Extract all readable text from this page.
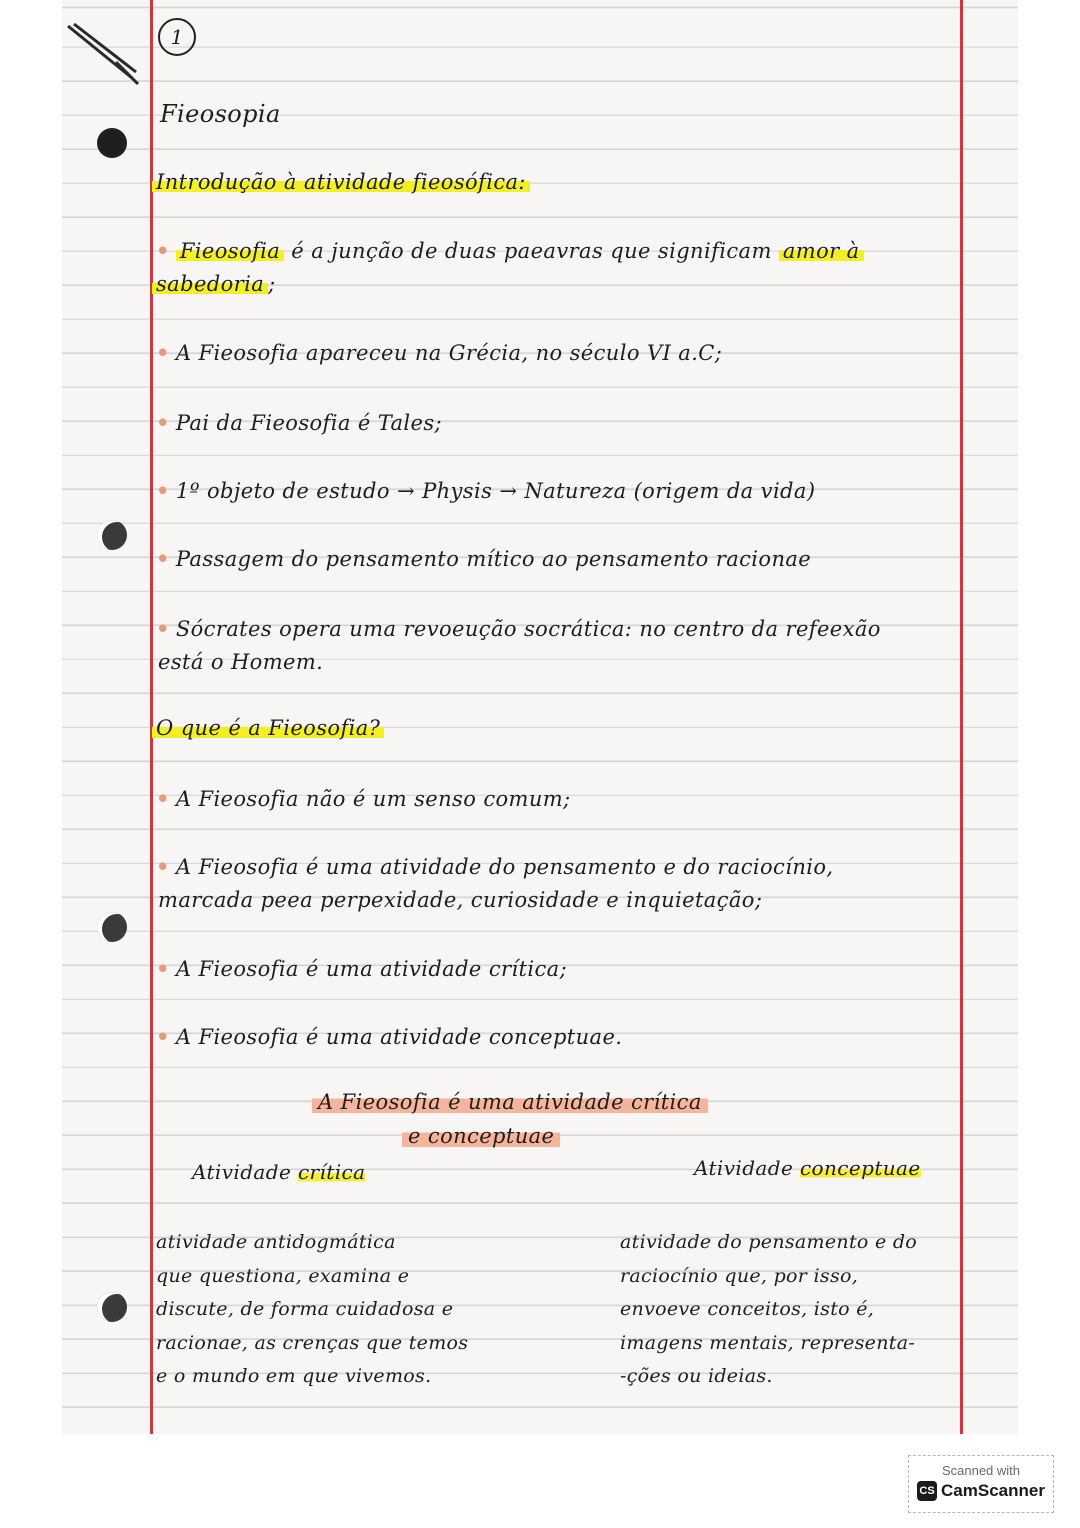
1
Fieosopia
Introdução à atividade fieosófica:
• Fieosofia é a junção de duas paeavras que significam amor à
sabedoria ;
• A Fieosofia apareceu na Grécia, no século VI a.C;
• Pai da Fieosofia é Tales;
• 1º objeto de estudo → Physis → Natureza (origem da vida)
• Passagem do pensamento mítico ao pensamento racionae
• Sócrates opera uma revoeução socrática: no centro da refeexão
está o Homem.
O que é a Fieosofia?
• A Fieosofia não é um senso comum;
• A Fieosofia é uma atividade do pensamento e do raciocínio,
marcada peea perpexidade, curiosidade e inquietação;
• A Fieosofia é uma atividade crítica;
• A Fieosofia é uma atividade conceptuae.
A Fieosofia é uma atividade crítica
e conceptuae
Atividade crítica	Atividade conceptuae
atividade antidogmática
que questiona, examina e
discute, de forma cuidadosa e
racionae, as crenças que temos
e o mundo em que vivemos.
atividade do pensamento e do
raciocínio que, por isso,
envoeve conceitos, isto é,
imagens mentais, representa-
-ções ou ideias.
Scanned with
CS CamScanner
